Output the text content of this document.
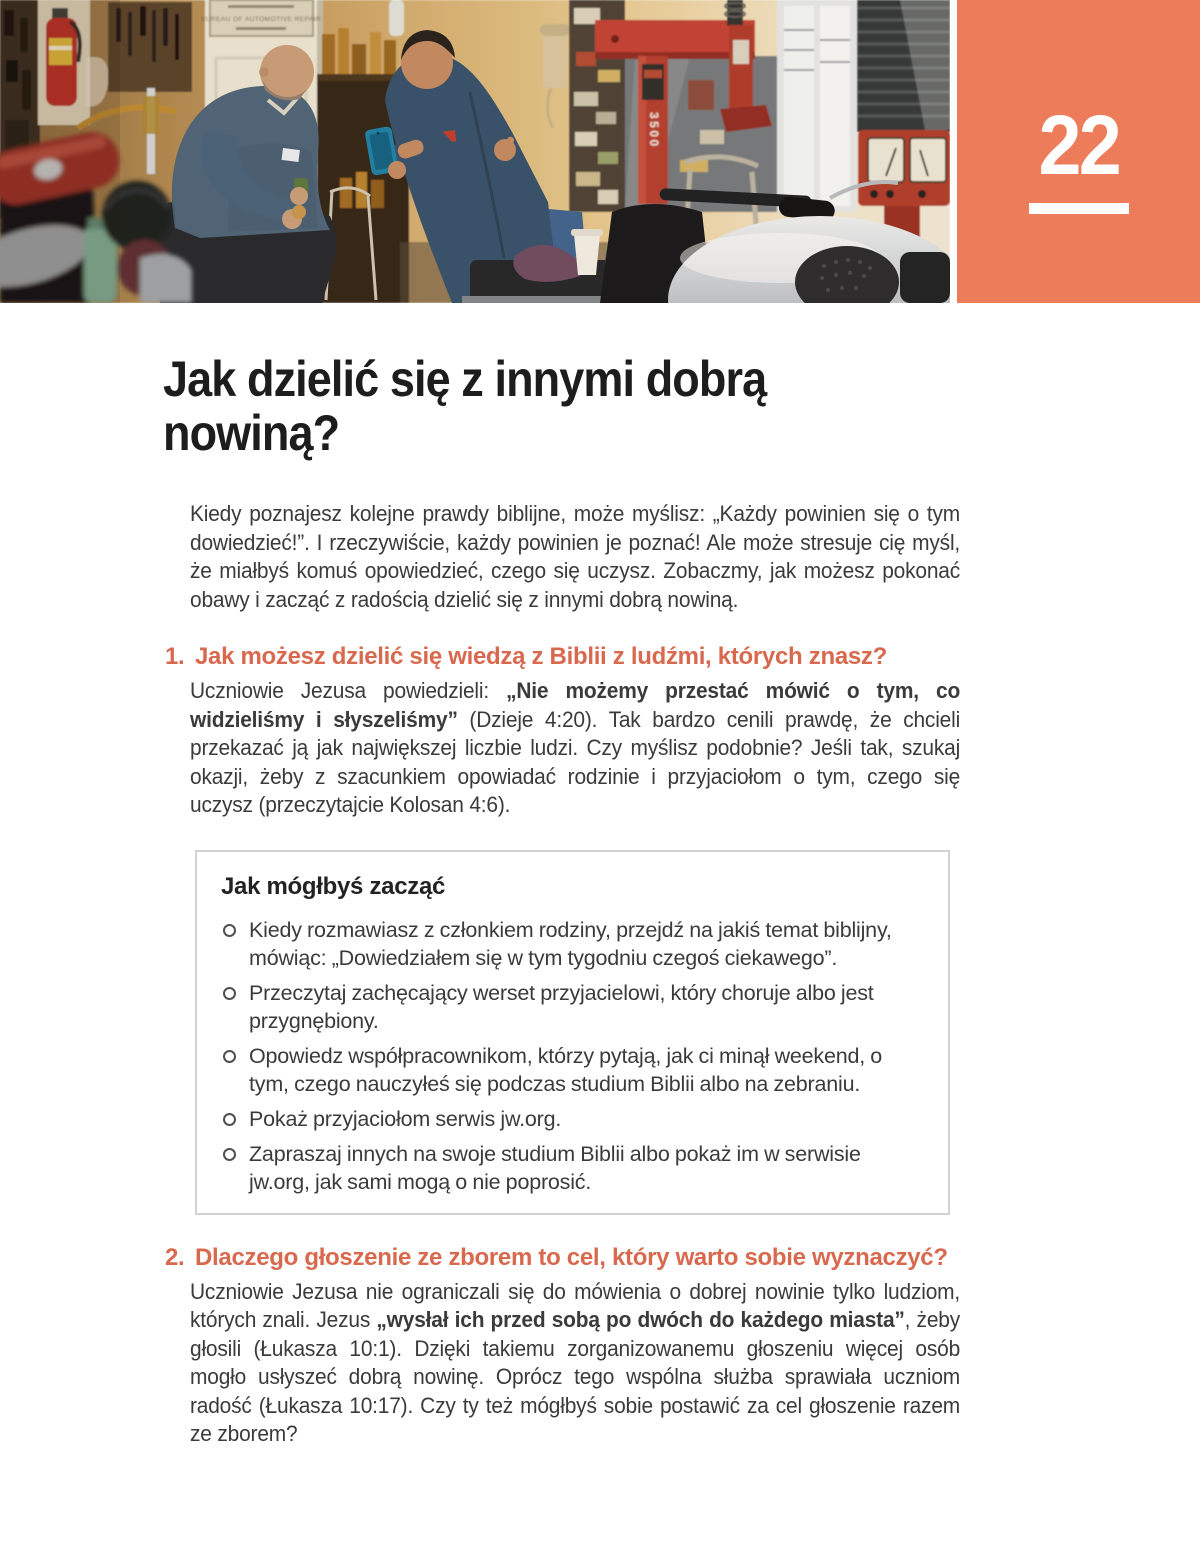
BUREAU OF AUTOMOTIVE REPAIR
3500	22
Jak dzielić się z innymi dobrą nowiną?

Kiedy poznajesz kolejne prawdy biblijne, może myślisz: „Każdy powinien się o tym dowiedzieć!”. I rzeczywiście, każdy powinien je poznać! Ale może stresuje cię myśl, że miałbyś komuś opowiedzieć, czego się uczysz. Zobaczmy, jak możesz pokonać obawy i zacząć z radością dzielić się z innymi dobrą nowiną.

1. Jak możesz dzielić się wiedzą z Biblii z ludźmi, których znasz?

Uczniowie Jezusa powiedzieli: „Nie możemy przestać mówić o tym, co widzieliśmy i słyszeliśmy” (Dzieje 4:20). Tak bardzo cenili prawdę, że chcieli przekazać ją jak największej liczbie ludzi. Czy myślisz podobnie? Jeśli tak, szukaj okazji, żeby z szacunkiem opowiadać rodzinie i przyjaciołom o tym, czego się uczysz (przeczytajcie Kolosan 4:6).

Jak mógłbyś zacząć
Kiedy rozmawiasz z członkiem rodziny, przejdź na jakiś temat biblijny, mówiąc: „Dowiedziałem się w tym tygodniu czegoś ciekawego”.
Przeczytaj zachęcający werset przyjacielowi, który choruje albo jest przygnębiony.
Opowiedz współpracownikom, którzy pytają, jak ci minął weekend, o tym, czego nauczyłeś się podczas studium Biblii albo na zebraniu.
Pokaż przyjaciołom serwis jw.org.
Zapraszaj innych na swoje studium Biblii albo pokaż im w serwisie jw.org, jak sami mogą o nie poprosić.
2. Dlaczego głoszenie ze zborem to cel, który warto sobie wyznaczyć?

Uczniowie Jezusa nie ograniczali się do mówienia o dobrej nowinie tylko ludziom, których znali. Jezus „wysłał ich przed sobą po dwóch do każdego miasta”, żeby głosili (Łukasza 10:1). Dzięki takiemu zorganizowanemu głoszeniu więcej osób mogło usłyszeć dobrą nowinę. Oprócz tego wspólna służba sprawiała uczniom radość (Łukasza 10:17). Czy ty też mógłbyś sobie postawić za cel głoszenie razem ze zborem?
